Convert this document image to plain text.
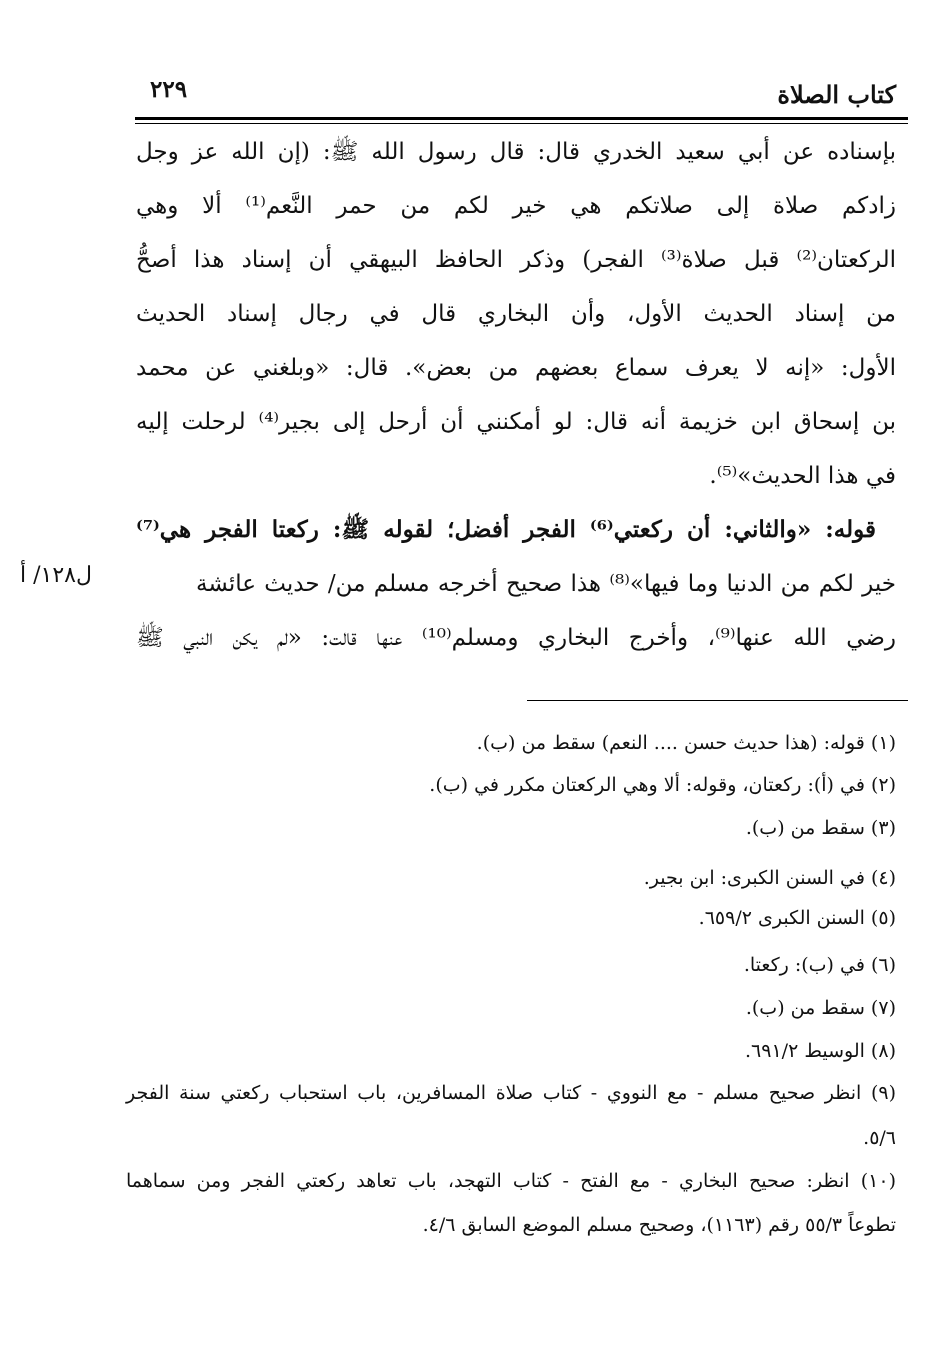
كتاب الصلاة
٢٢٩
بإسناده عن أبي سعيد الخدري قال: قال رسول الله ﷺ: (إن الله عز وجل
زادكم صلاة إلى صلاتكم هي خير لكم من حمر النَّعم⁽¹⁾ ألا وهي
الركعتان⁽²⁾ قبل صلاة⁽³⁾ الفجر) وذكر الحافظ البيهقي أن إسناد هذا أصحُّ
من إسناد الحديث الأول، وأن البخاري قال في رجال إسناد الحديث
الأول: «إنه لا يعرف سماع بعضهم من بعض». قال: «وبلغني عن محمد
بن إسحاق ابن خزيمة أنه قال: لو أمكنني أن أرحل إلى بجير⁽⁴⁾ لرحلت إليه
في هذا الحديث»⁽⁵⁾.
قوله: «والثاني: أن ركعتي⁽⁶⁾ الفجر أفضل؛ لقوله ﷺ: ركعتا الفجر هي⁽⁷⁾
خير لكم من الدنيا وما فيها»⁽⁸⁾ هذا صحيح أخرجه مسلم من/ حديث عائشة
رضي الله عنها⁽⁹⁾، وأخرج البخاري ومسلم⁽¹⁰⁾ عنها قالت: «لم يكن النبي ﷺ
ل١٢٨/ أ
(١) قوله: (هذا حديث حسن .... النعم) سقط من (ب).
(٢) في (أ): ركعتان، وقوله: ألا وهي الركعتان مكرر في (ب).
(٣) سقط من (ب).
(٤) في السنن الكبرى: ابن بجير.
(٥) السنن الكبرى ٦٥٩/٢.
(٦) في (ب): ركعتا.
(٧) سقط من (ب).
(٨) الوسيط ٦٩١/٢.
(٩) انظر صحيح مسلم - مع النووي - كتاب صلاة المسافرين، باب استحباب ركعتي سنة الفجر
٥/٦.
(١٠) انظر: صحيح البخاري - مع الفتح - كتاب التهجد، باب تعاهد ركعتي الفجر ومن سماهما
تطوعاً ٥٥/٣ رقم (١١٦٣)، وصحيح مسلم الموضع السابق ٤/٦.
